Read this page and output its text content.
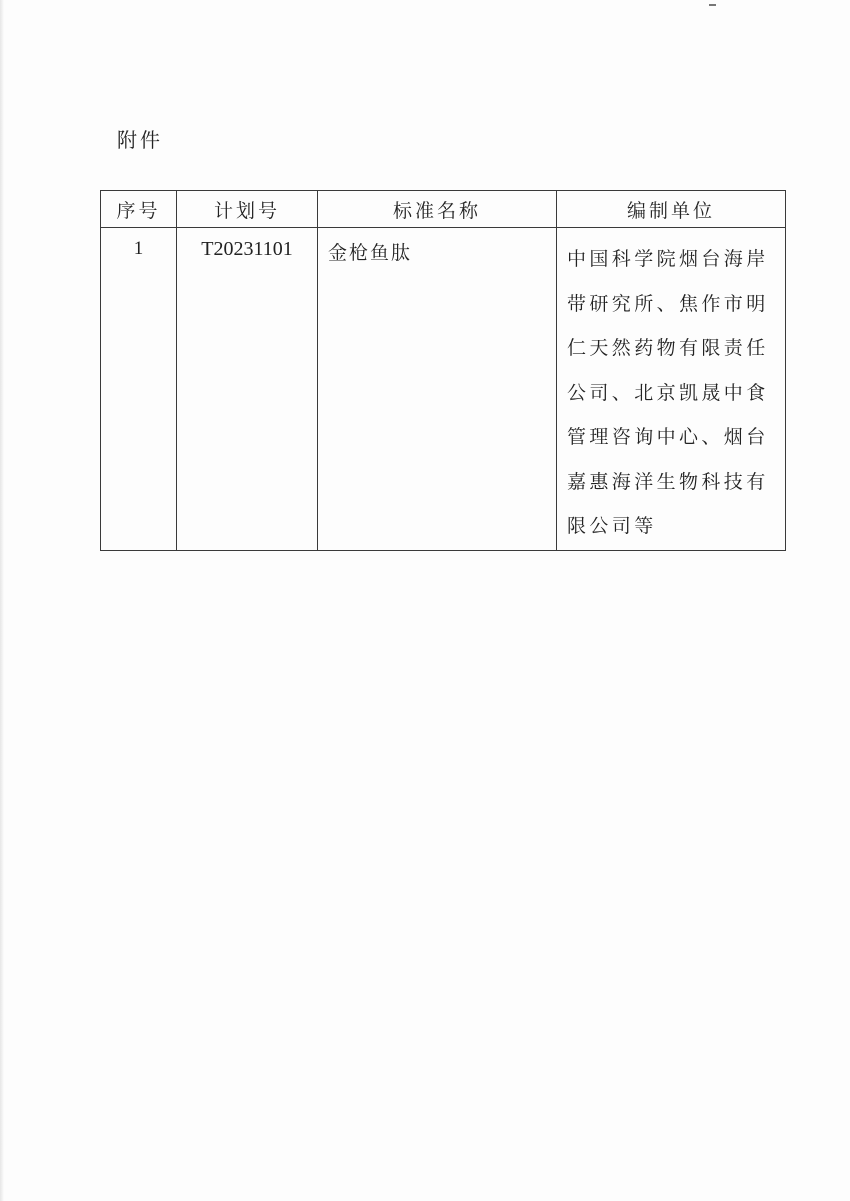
附件
序号	计划号	标准名称	编制单位
1	T20231101	金枪鱼肽	中国科学院烟台海岸带研究所、焦作市明仁天然药物有限责任公司、北京凯晟中食管理咨询中心、烟台嘉惠海洋生物科技有限公司等
